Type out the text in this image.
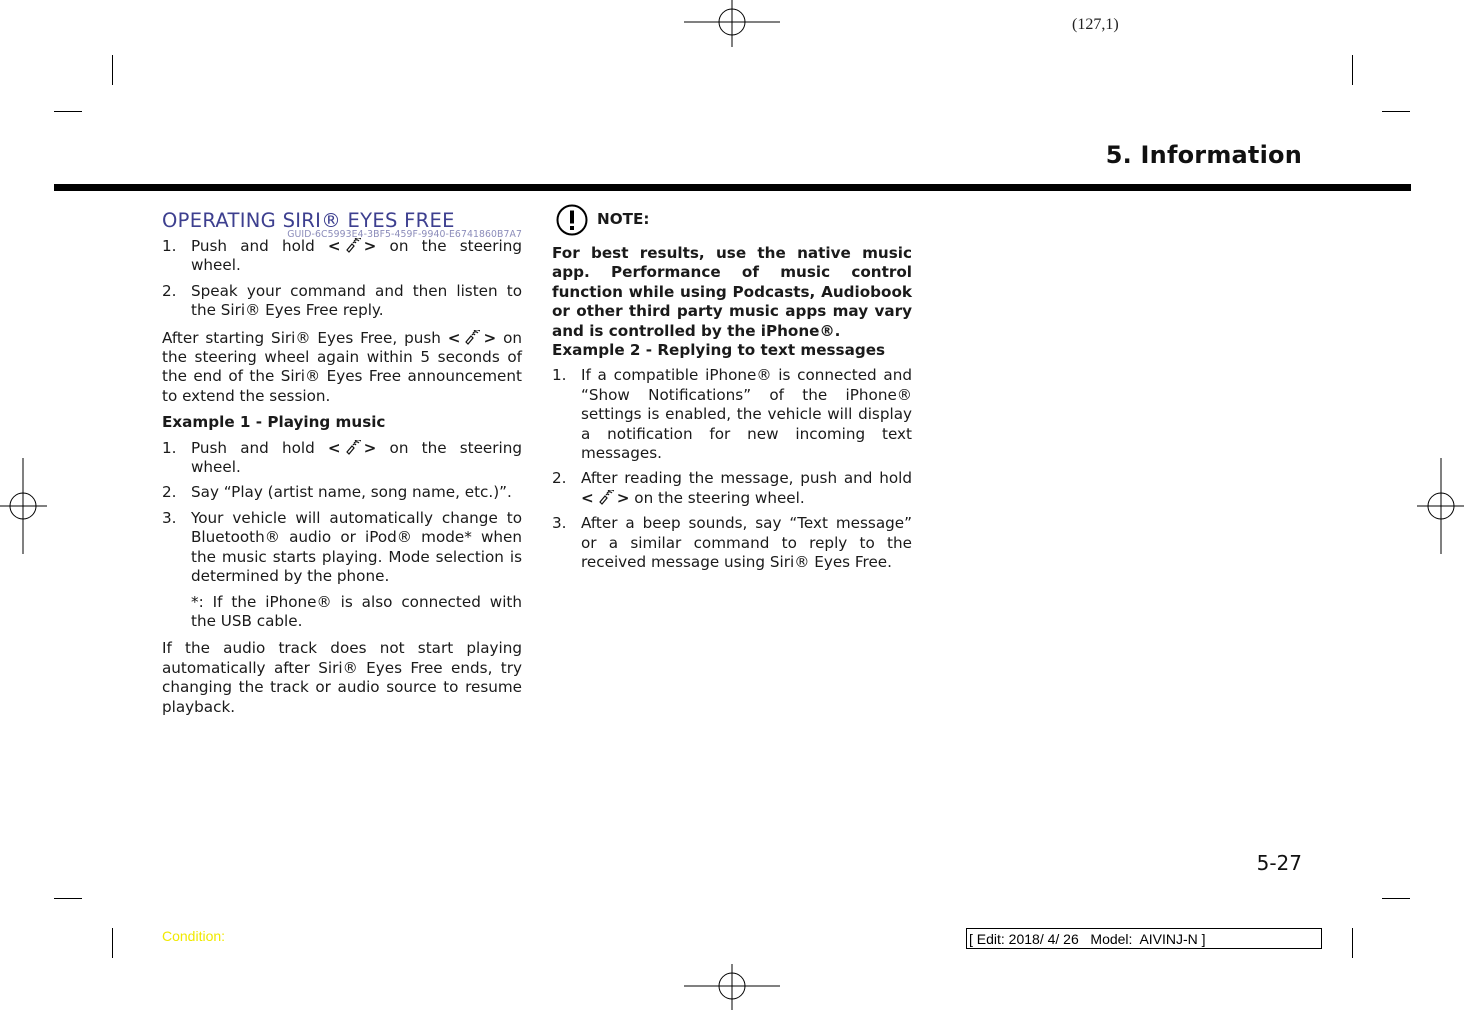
(127,1)
5. Information
OPERATING SIRI® EYES FREE
GUID-6C5993E4-3BF5-459F-9940-E6741860B7A7
1. Push and hold < > on the steering wheel.
2. Speak your command and then listen to the Siri® Eyes Free reply.

After starting Siri® Eyes Free, push < > on the steering wheel again within 5 seconds of the end of the Siri® Eyes Free announcement to extend the session.

Example 1 - Playing music

1. Push and hold < > on the steering wheel.
2. Say “Play (artist name, song name, etc.)”.
3. Your vehicle will automatically change to Bluetooth® audio or iPod® mode* when the music starts playing. Mode selection is determined by the phone.

*: If the iPhone® is also connected with the USB cable.

If the audio track does not start playing automatically after Siri® Eyes Free ends, try changing the track or audio source to resume playback.

NOTE:

For best results, use the native music app. Performance of music control function while using Podcasts, Audiobook or other third party music apps may vary and is controlled by the iPhone®.

Example 2 - Replying to text messages

1. If a compatible iPhone® is connected and “Show Notifications” of the iPhone® settings is enabled, the vehicle will display a notification for new incoming text messages.
2. After reading the message, push and hold < > on the steering wheel.
3. After a beep sounds, say “Text message” or a similar command to reply to the received message using Siri® Eyes Free.
5-27
Condition:	[ Edit: 2018/ 4/ 26   Model:  AIVINJ-N ]
